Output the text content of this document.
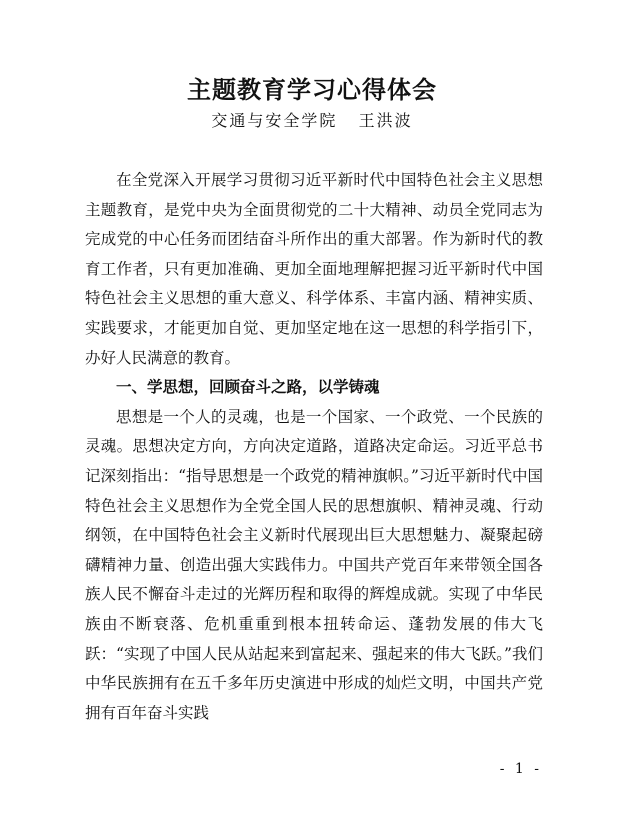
主题教育学习心得体会
交通与安全学院   王洪波

在全党深入开展学习贯彻习近平新时代中国特色社会主义思想主题教育，是党中央为全面贯彻党的二十大精神、动员全党同志为完成党的中心任务而团结奋斗所作出的重大部署。作为新时代的教育工作者，只有更加准确、更加全面地理解把握习近平新时代中国特色社会主义思想的重大意义、科学体系、丰富内涵、精神实质、实践要求，才能更加自觉、更加坚定地在这一思想的科学指引下，办好人民满意的教育。

一、学思想，回顾奋斗之路，以学铸魂

思想是一个人的灵魂，也是一个国家、一个政党、一个民族的灵魂。思想决定方向，方向决定道路，道路决定命运。习近平总书记深刻指出：“指导思想是一个政党的精神旗帜。”习近平新时代中国特色社会主义思想作为全党全国人民的思想旗帜、精神灵魂、行动纲领，在中国特色社会主义新时代展现出巨大思想魅力、凝聚起磅礴精神力量、创造出强大实践伟力。中国共产党百年来带领全国各族人民不懈奋斗走过的光辉历程和取得的辉煌成就。实现了中华民族由不断衰落、危机重重到根本扭转命运、蓬勃发展的伟大飞跃：“实现了中国人民从站起来到富起来、强起来的伟大飞跃。”我们中华民族拥有在五千多年历史演进中形成的灿烂文明，中国共产党拥有百年奋斗实践

- 1 -
